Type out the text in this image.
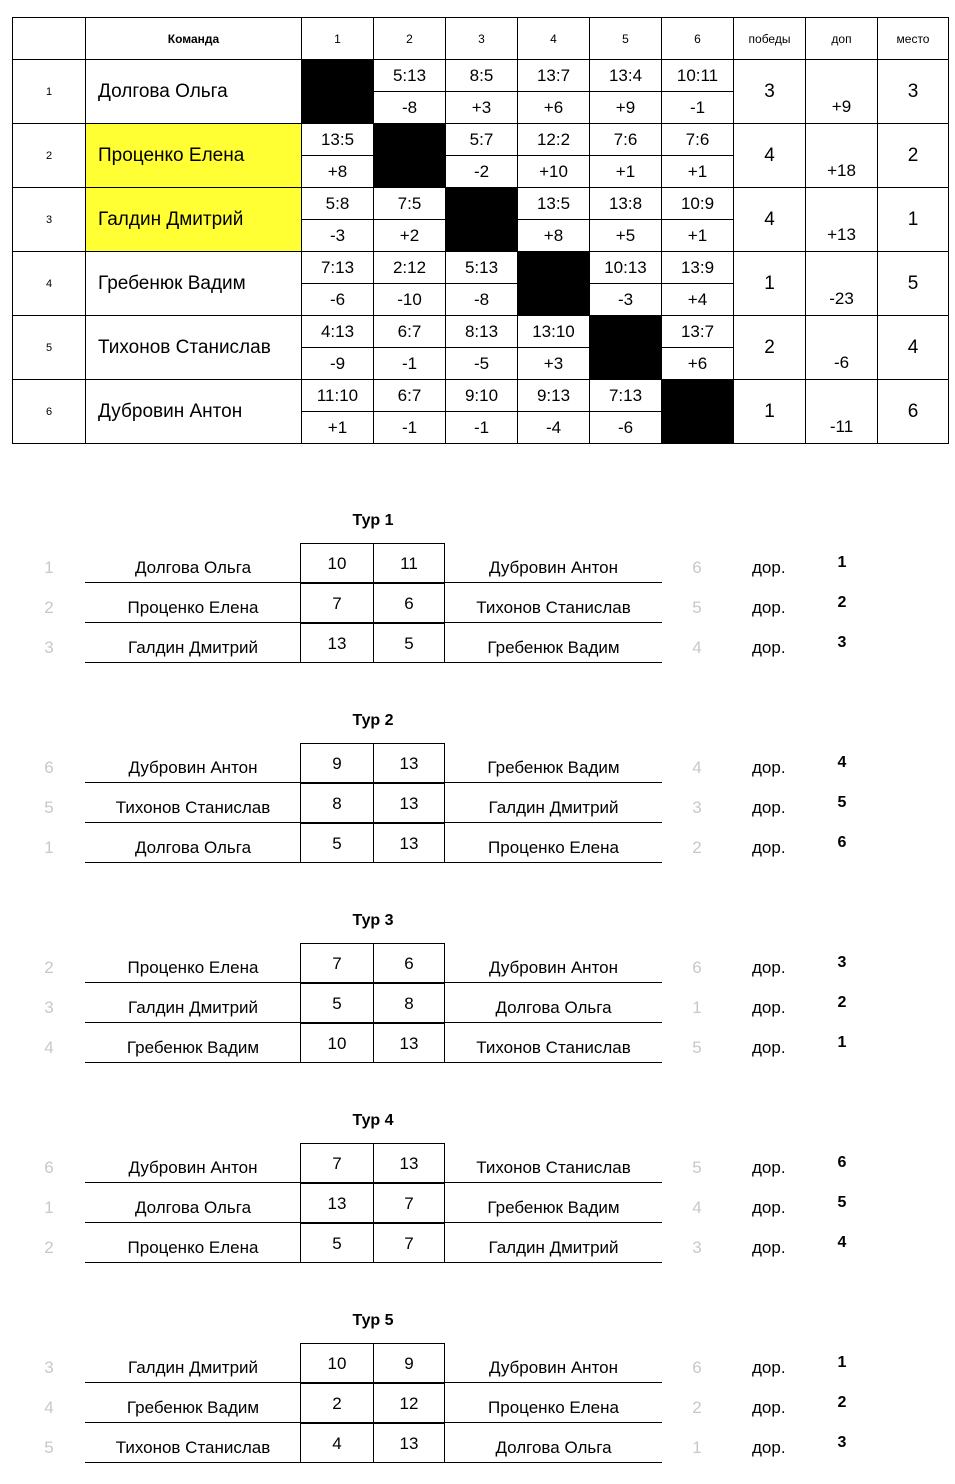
	Команда	1	2	3	4	5	6	победы	доп	место
1	Долгова Ольга		5:13	8:5	13:7	13:4	10:11	3		3
			-8	+3	+6	+9	-1		+9	
2	Проценко Елена	13:5		5:7	12:2	7:6	7:6	4		2
		+8		-2	+10	+1	+1		+18	
3	Галдин Дмитрий	5:8	7:5		13:5	13:8	10:9	4		1
		-3	+2		+8	+5	+1		+13	
4	Гребенюк Вадим	7:13	2:12	5:13		10:13	13:9	1		5
		-6	-10	-8		-3	+4		-23	
5	Тихонов Станислав	4:13	6:7	8:13	13:10		13:7	2		4
		-9	-1	-5	+3		+6		-6	
6	Дубровин Антон	11:10	6:7	9:10	9:13	7:13		1		6
		+1	-1	-1	-4	-6			-11	
Тур 1
1	Долгова Ольга	10	11	Дубровин Антон	6	дор.	1
2	Проценко Елена	7	6	Тихонов Станислав	5	дор.	2
3	Галдин Дмитрий	13	5	Гребенюк Вадим	4	дор.	3
Тур 2
6	Дубровин Антон	9	13	Гребенюк Вадим	4	дор.	4
5	Тихонов Станислав	8	13	Галдин Дмитрий	3	дор.	5
1	Долгова Ольга	5	13	Проценко Елена	2	дор.	6
Тур 3
2	Проценко Елена	7	6	Дубровин Антон	6	дор.	3
3	Галдин Дмитрий	5	8	Долгова Ольга	1	дор.	2
4	Гребенюк Вадим	10	13	Тихонов Станислав	5	дор.	1
Тур 4
6	Дубровин Антон	7	13	Тихонов Станислав	5	дор.	6
1	Долгова Ольга	13	7	Гребенюк Вадим	4	дор.	5
2	Проценко Елена	5	7	Галдин Дмитрий	3	дор.	4
Тур 5
3	Галдин Дмитрий	10	9	Дубровин Антон	6	дор.	1
4	Гребенюк Вадим	2	12	Проценко Елена	2	дор.	2
5	Тихонов Станислав	4	13	Долгова Ольга	1	дор.	3
